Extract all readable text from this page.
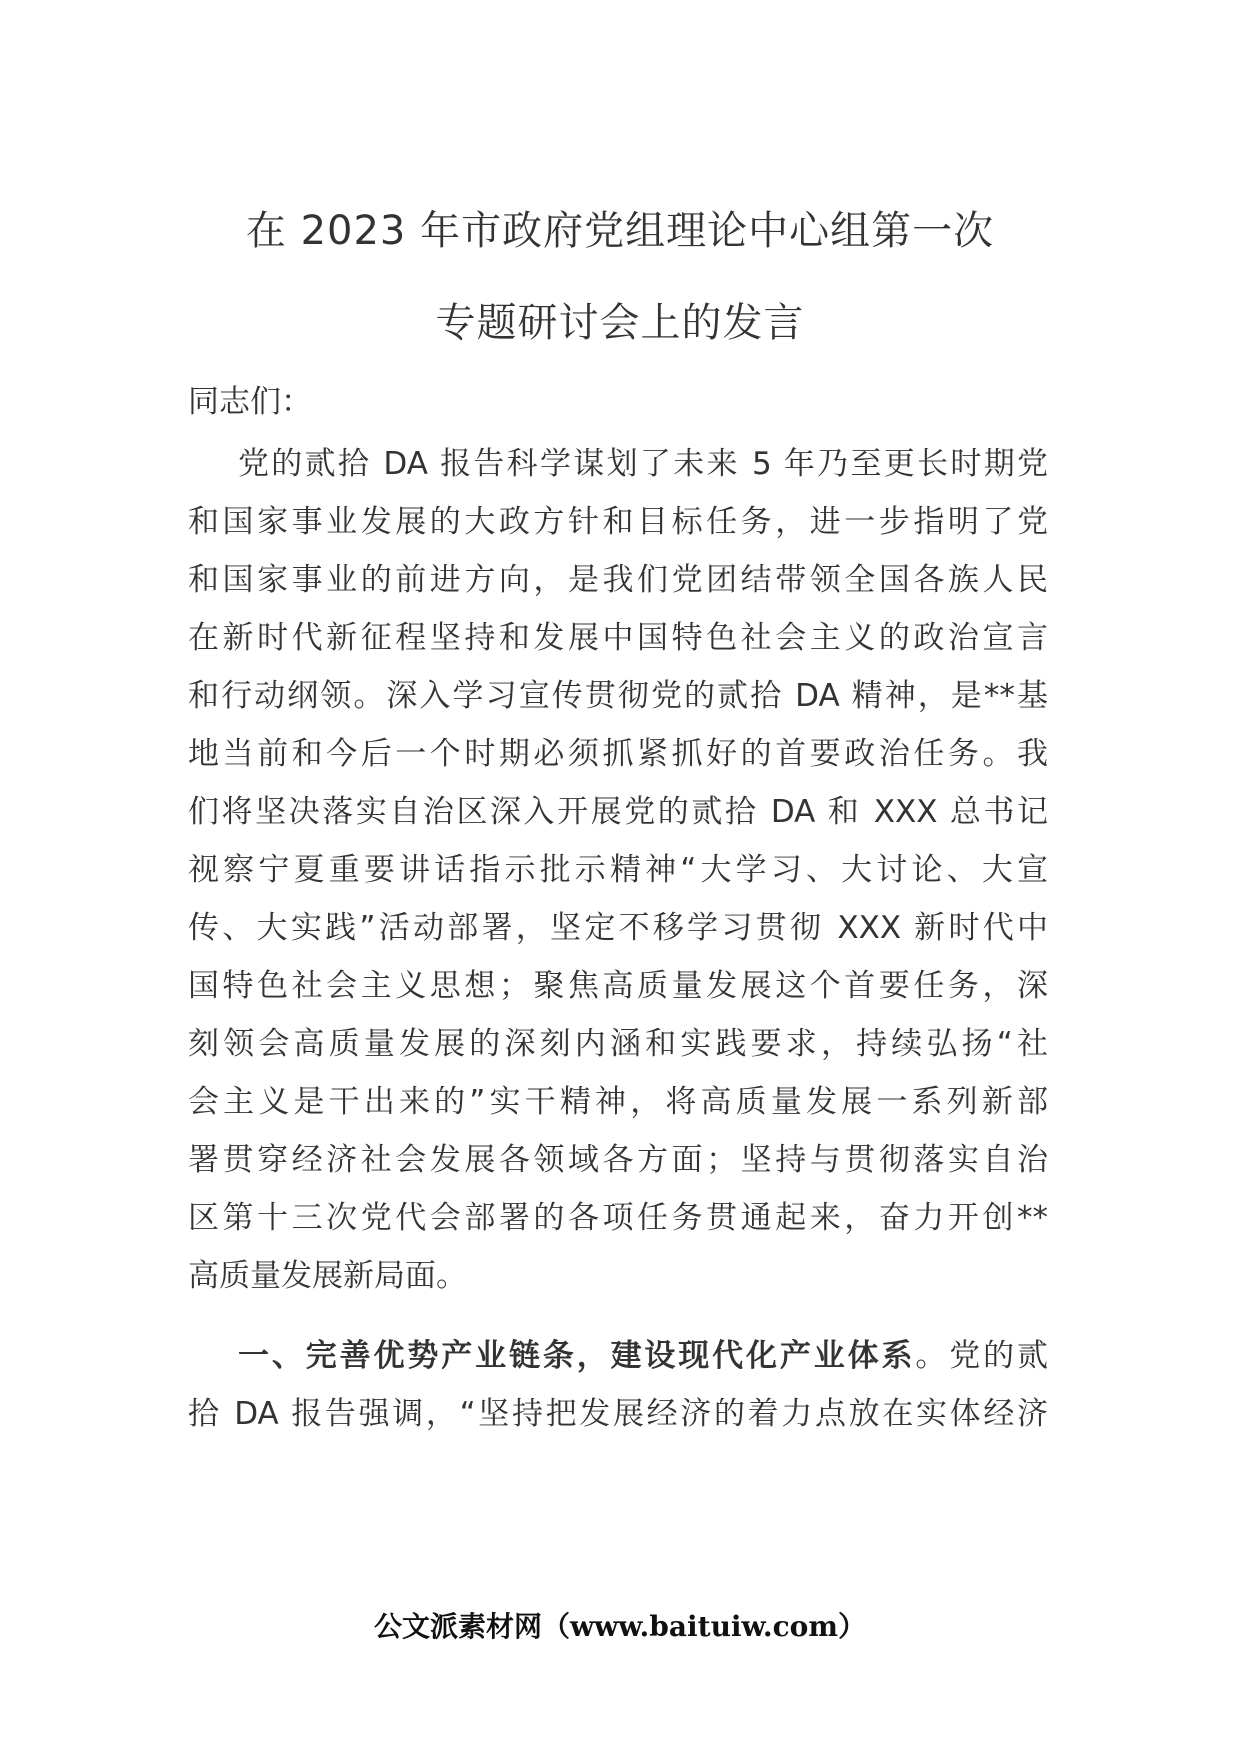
在 2023 年市政府党组理论中心组第一次
专题研讨会上的发言
同志们：
党的贰拾 DA 报告科学谋划了未来 5 年乃至更长时期党
和国家事业发展的大政方针和目标任务，进一步指明了党
和国家事业的前进方向，是我们党团结带领全国各族人民
在新时代新征程坚持和发展中国特色社会主义的政治宣言
和行动纲领。深入学习宣传贯彻党的贰拾 DA 精神，是**基
地当前和今后一个时期必须抓紧抓好的首要政治任务。我
们将坚决落实自治区深入开展党的贰拾 DA 和 XXX 总书记
视察宁夏重要讲话指示批示精神“大学习、大讨论、大宣
传、大实践”活动部署，坚定不移学习贯彻 XXX 新时代中
国特色社会主义思想；聚焦高质量发展这个首要任务，深
刻领会高质量发展的深刻内涵和实践要求，持续弘扬“社
会主义是干出来的”实干精神，将高质量发展一系列新部
署贯穿经济社会发展各领域各方面；坚持与贯彻落实自治
区第十三次党代会部署的各项任务贯通起来，奋力开创**
高质量发展新局面。
一、完善优势产业链条，建设现代化产业体系。党的贰
拾 DA 报告强调，“坚持把发展经济的着力点放在实体经济
公文派素材网（www.baituiw.com）
